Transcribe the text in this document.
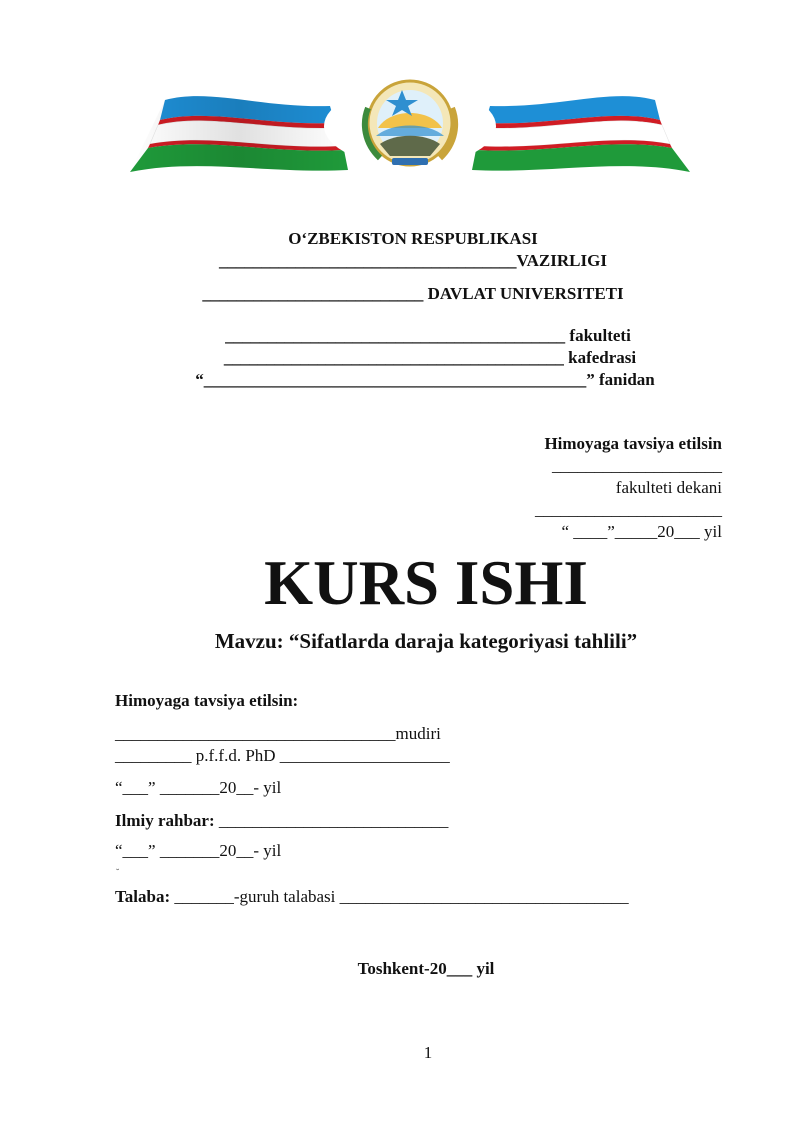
O‘ZBEKISTON RESPUBLIKASI
___________________________________VAZIRLIGI
__________________________ DAVLAT UNIVERSITETI
________________________________________ fakulteti
________________________________________ kafedrasi
“_____________________________________________” fanidan
Himoyaga tavsiya etilsin
____________________
fakulteti dekani
______________________
“ ____”_____20___ yil
KURS ISHI
Mavzu: “Sifatlarda daraja kategoriyasi tahlili”
Himoyaga tavsiya etilsin:
_________________________________mudiri
_________ p.f.f.d. PhD ____________________
“___” _______20__- yil
Ilmiy rahbar: ___________________________
“___” _______20__- yil
˘
Talaba: _______-guruh talabasi __________________________________
Toshkent-20___ yil
1
